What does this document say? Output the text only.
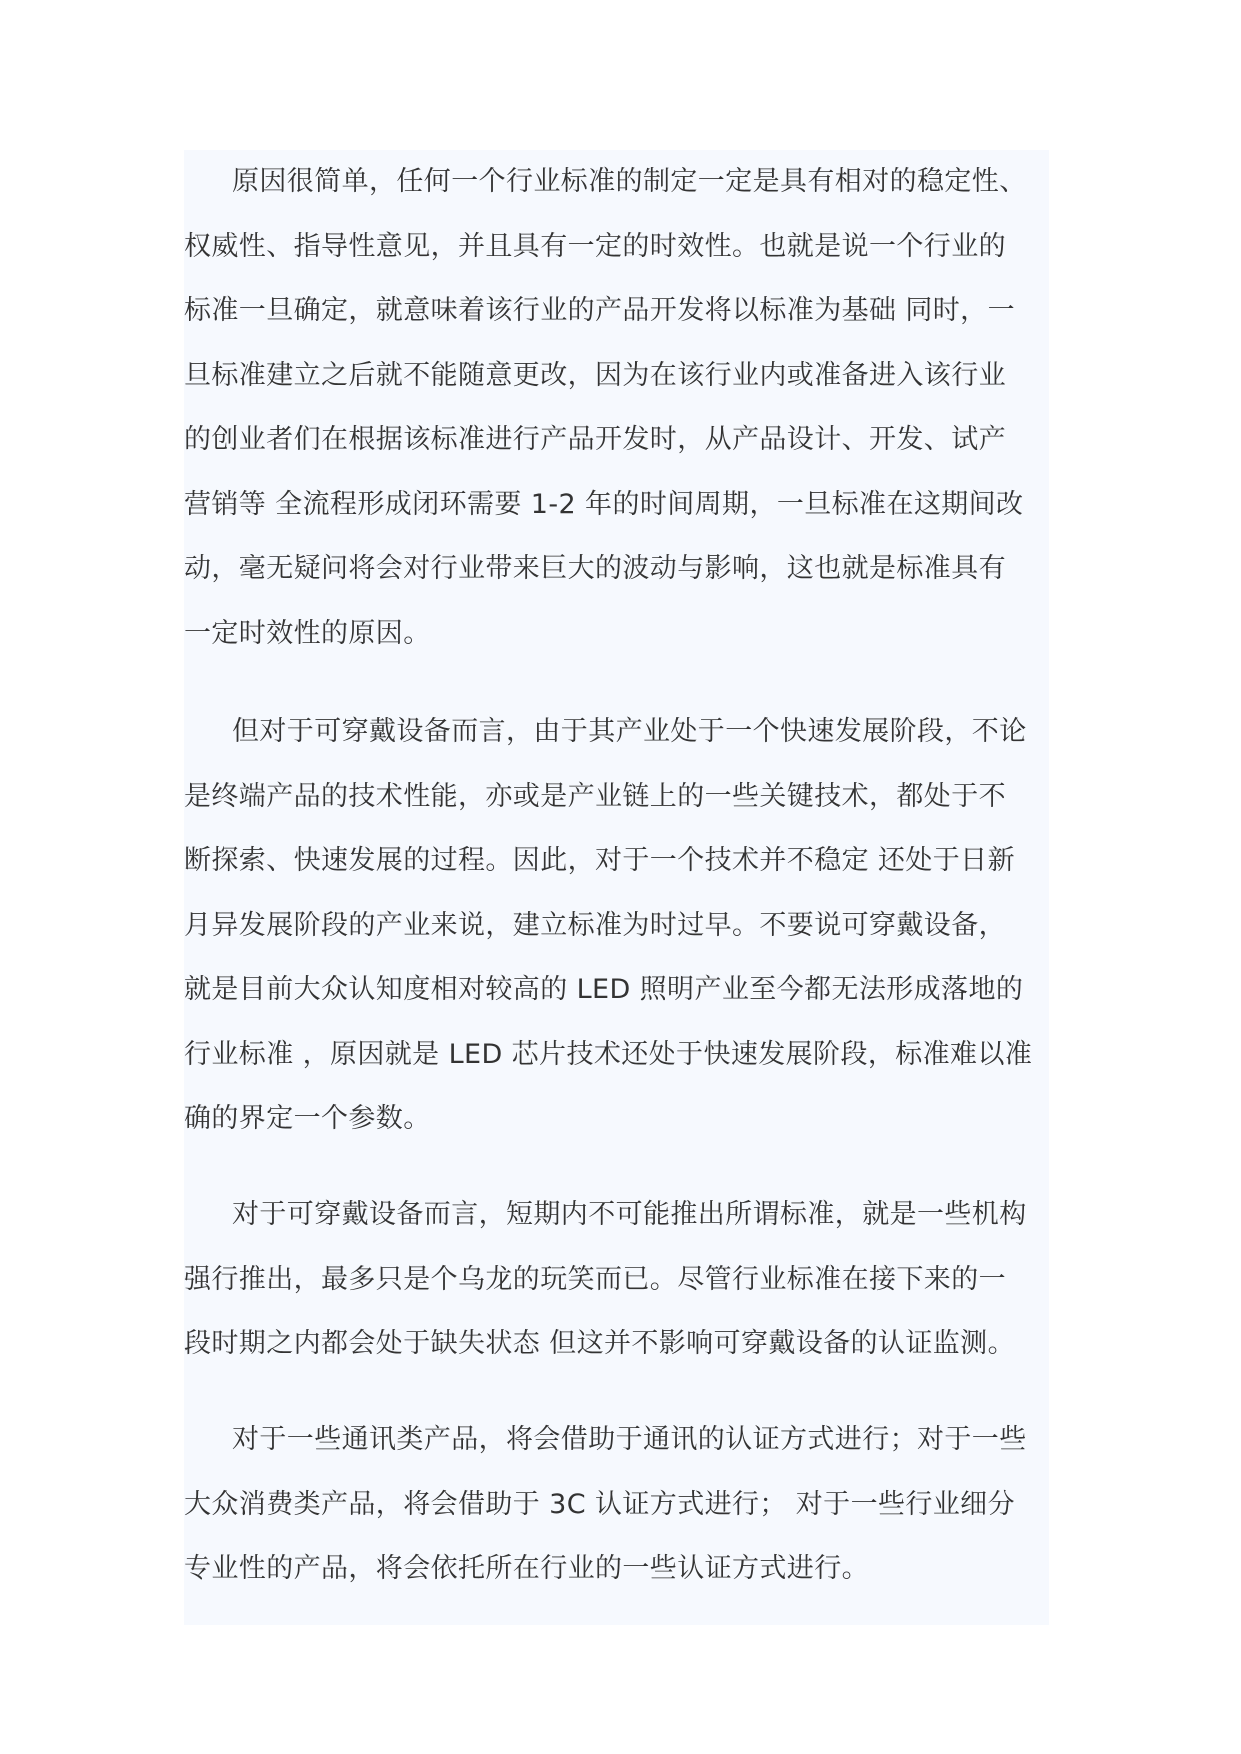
原因很简单，任何一个行业标准的制定一定是具有相对的稳定性、
权威性、指导性意见，并且具有一定的时效性。也就是说一个行业的
标准一旦确定，就意味着该行业的产品开发将以标准为基础 同时，一
旦标准建立之后就不能随意更改，因为在该行业内或准备进入该行业
的创业者们在根据该标准进行产品开发时，从产品设计、开发、试产
营销等 全流程形成闭环需要 1-2 年的时间周期，一旦标准在这期间改
动，毫无疑问将会对行业带来巨大的波动与影响，这也就是标准具有
一定时效性的原因。
但对于可穿戴设备而言，由于其产业处于一个快速发展阶段，不论
是终端产品的技术性能，亦或是产业链上的一些关键技术，都处于不
断探索、快速发展的过程。因此，对于一个技术并不稳定 还处于日新
月异发展阶段的产业来说，建立标准为时过早。不要说可穿戴设备，
就是目前大众认知度相对较高的 LED 照明产业至今都无法形成落地的
行业标准 ，原因就是 LED 芯片技术还处于快速发展阶段，标准难以准
确的界定一个参数。
对于可穿戴设备而言，短期内不可能推出所谓标准，就是一些机构
强行推出，最多只是个乌龙的玩笑而已。尽管行业标准在接下来的一
段时期之内都会处于缺失状态 但这并不影响可穿戴设备的认证监测。
对于一些通讯类产品，将会借助于通讯的认证方式进行；对于一些
大众消费类产品，将会借助于 3C 认证方式进行； 对于一些行业细分
专业性的产品，将会依托所在行业的一些认证方式进行。
